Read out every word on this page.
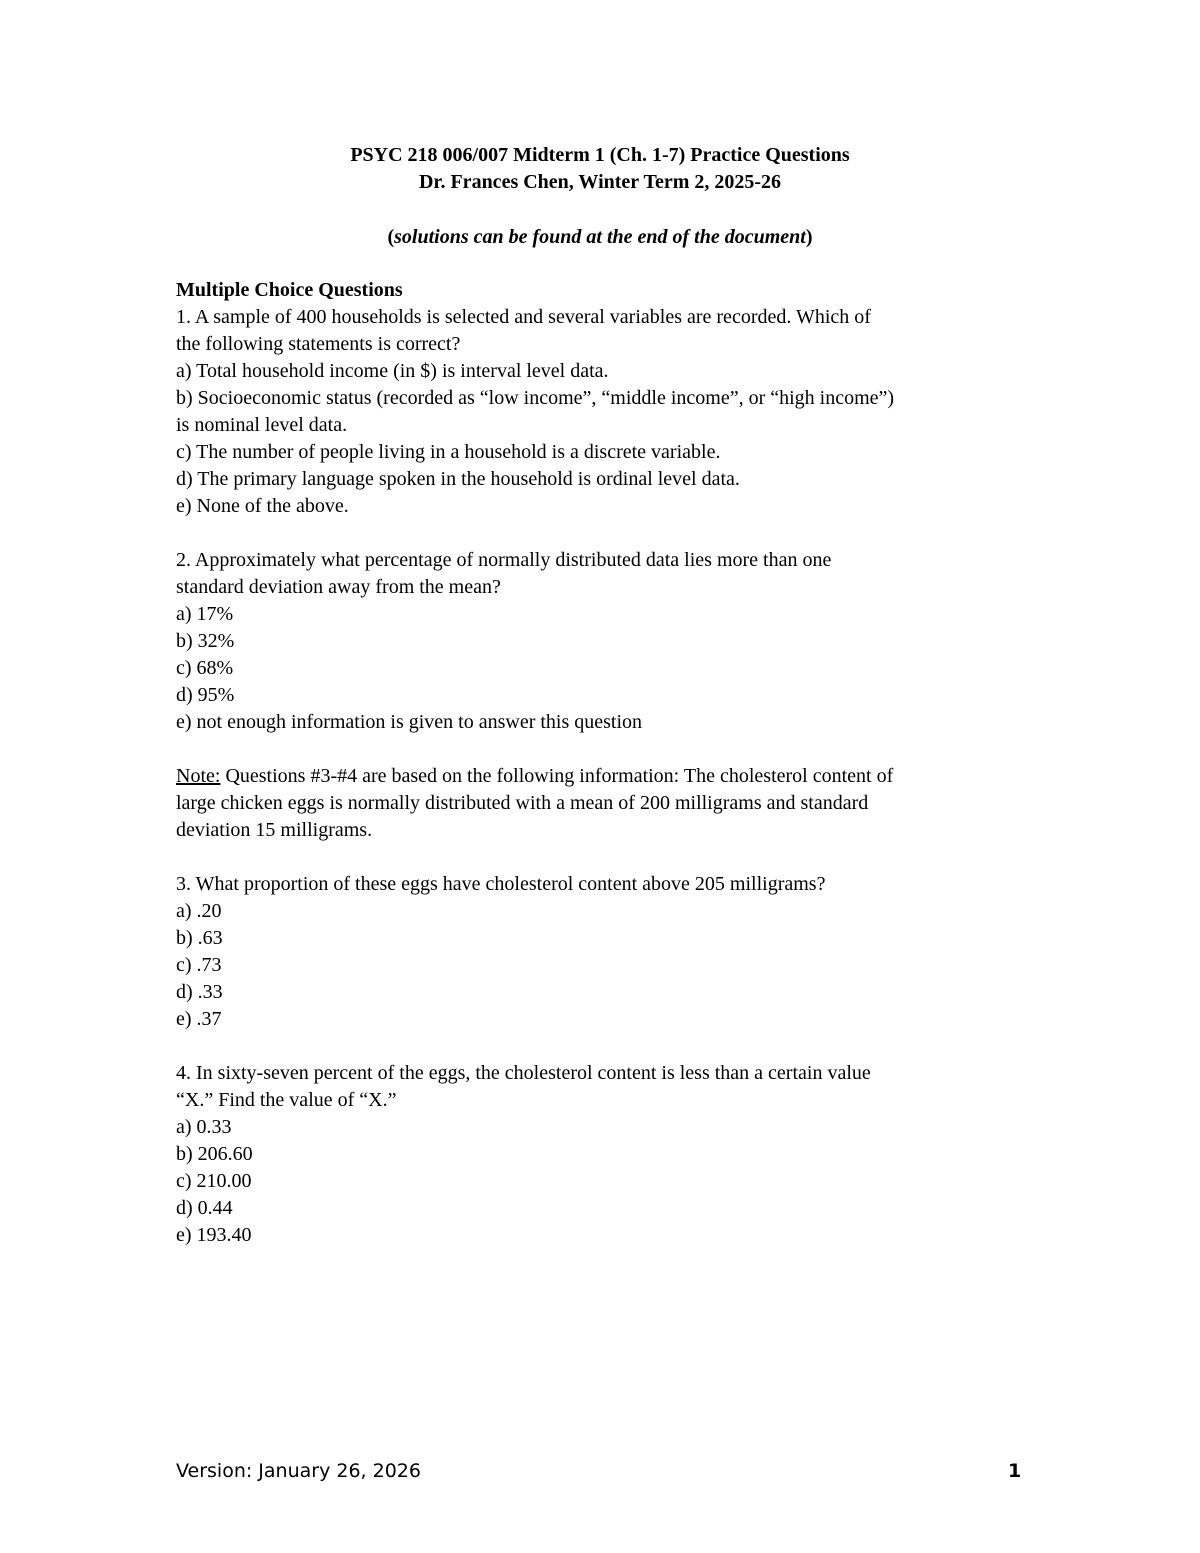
PSYC 218 006/007 Midterm 1 (Ch. 1-7) Practice Questions
Dr. Frances Chen, Winter Term 2, 2025-26
(solutions can be found at the end of the document)

Multiple Choice Questions

1. A sample of 400 households is selected and several variables are recorded. Which of

the following statements is correct?

a) Total household income (in $) is interval level data.

b) Socioeconomic status (recorded as “low income”, “middle income”, or “high income”)

is nominal level data.

c) The number of people living in a household is a discrete variable.

d) The primary language spoken in the household is ordinal level data.

e) None of the above.

2. Approximately what percentage of normally distributed data lies more than one

standard deviation away from the mean?

a) 17%

b) 32%

c) 68%

d) 95%

e) not enough information is given to answer this question

Note: Questions #3-#4 are based on the following information: The cholesterol content of

large chicken eggs is normally distributed with a mean of 200 milligrams and standard

deviation 15 milligrams.

3. What proportion of these eggs have cholesterol content above 205 milligrams?

a) .20

b) .63

c) .73

d) .33

e) .37

4. In sixty-seven percent of the eggs, the cholesterol content is less than a certain value

“X.” Find the value of “X.”

a) 0.33

b) 206.60

c) 210.00

d) 0.44

e) 193.40

Version: January 26, 2026	1
